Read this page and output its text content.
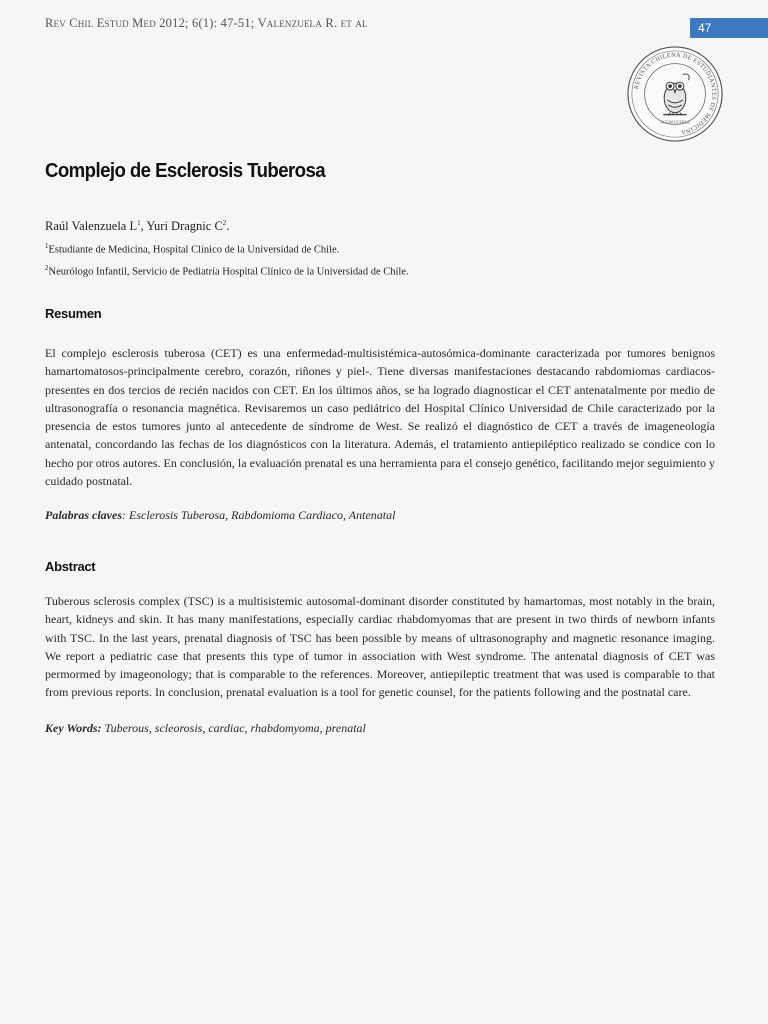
Rev Chil Estud Med 2012; 6(1): 47-51; Valenzuela R. et al	47
REVISTA CHILENA DE ESTUDIANTES DE MEDICINA
ACEM UCHILE
Complejo de Esclerosis Tuberosa
Raúl Valenzuela $L^1$, Yuri Dragnic $C^2$.
$^1$Estudiante de Medicina, Hospital Clínico de la Universidad de Chile.
$^2$Neurólogo Infantil, Servicio de Pediatría Hospital Clínico de la Universidad de Chile.
Resumen
El complejo esclerosis tuberosa (CET) es una enfermedad-multisistémica-autosómica-dominante caracterizada por tumores benignos hamartomatosos-principalmente cerebro, corazón, riñones y piel-. Tiene diversas manifestaciones destacando rabdomiomas cardiacos-presentes en dos tercios de recién nacidos con CET. En los últimos años, se ha logrado diagnosticar el CET antenatalmente por medio de ultrasonografía o resonancia magnética. Revisaremos un caso pediátrico del Hospital Clínico Universidad de Chile caracterizado por la presencia de estos tumores junto al antecedente de síndrome de West. Se realizó el diagnóstico de CET a través de imageneología antenatal, concordando las fechas de los diagnósticos con la literatura. Además, el tratamiento antiepiléptico realizado se condice con lo hecho por otros autores. En conclusión, la evaluación prenatal es una herramienta para el consejo genético, facilitando mejor seguimiento y cuidado postnatal.
Palabras claves: Esclerosis Tuberosa, Rabdomioma Cardiaco, Antenatal
Abstract
Tuberous sclerosis complex (TSC) is a multisistemic autosomal-dominant disorder constituted by hamartomas, most notably in the brain, heart, kidneys and skin. It has many manifestations, especially cardiac rhabdomyomas that are present in two thirds of newborn infants with TSC. In the last years, prenatal diagnosis of TSC has been possible by means of ultrasonography and magnetic resonance imaging. We report a pediatric case that presents this type of tumor in association with West syndrome. The antenatal diagnosis of CET was permormed by imageonology; that is comparable to the references. Moreover, antiepileptic treatment that was used is comparable to that from previous reports. In conclusion, prenatal evaluation is a tool for genetic counsel, for the patients following and the postnatal care.
Key Words: Tuberous, scleorosis, cardiac, rhabdomyoma, prenatal
